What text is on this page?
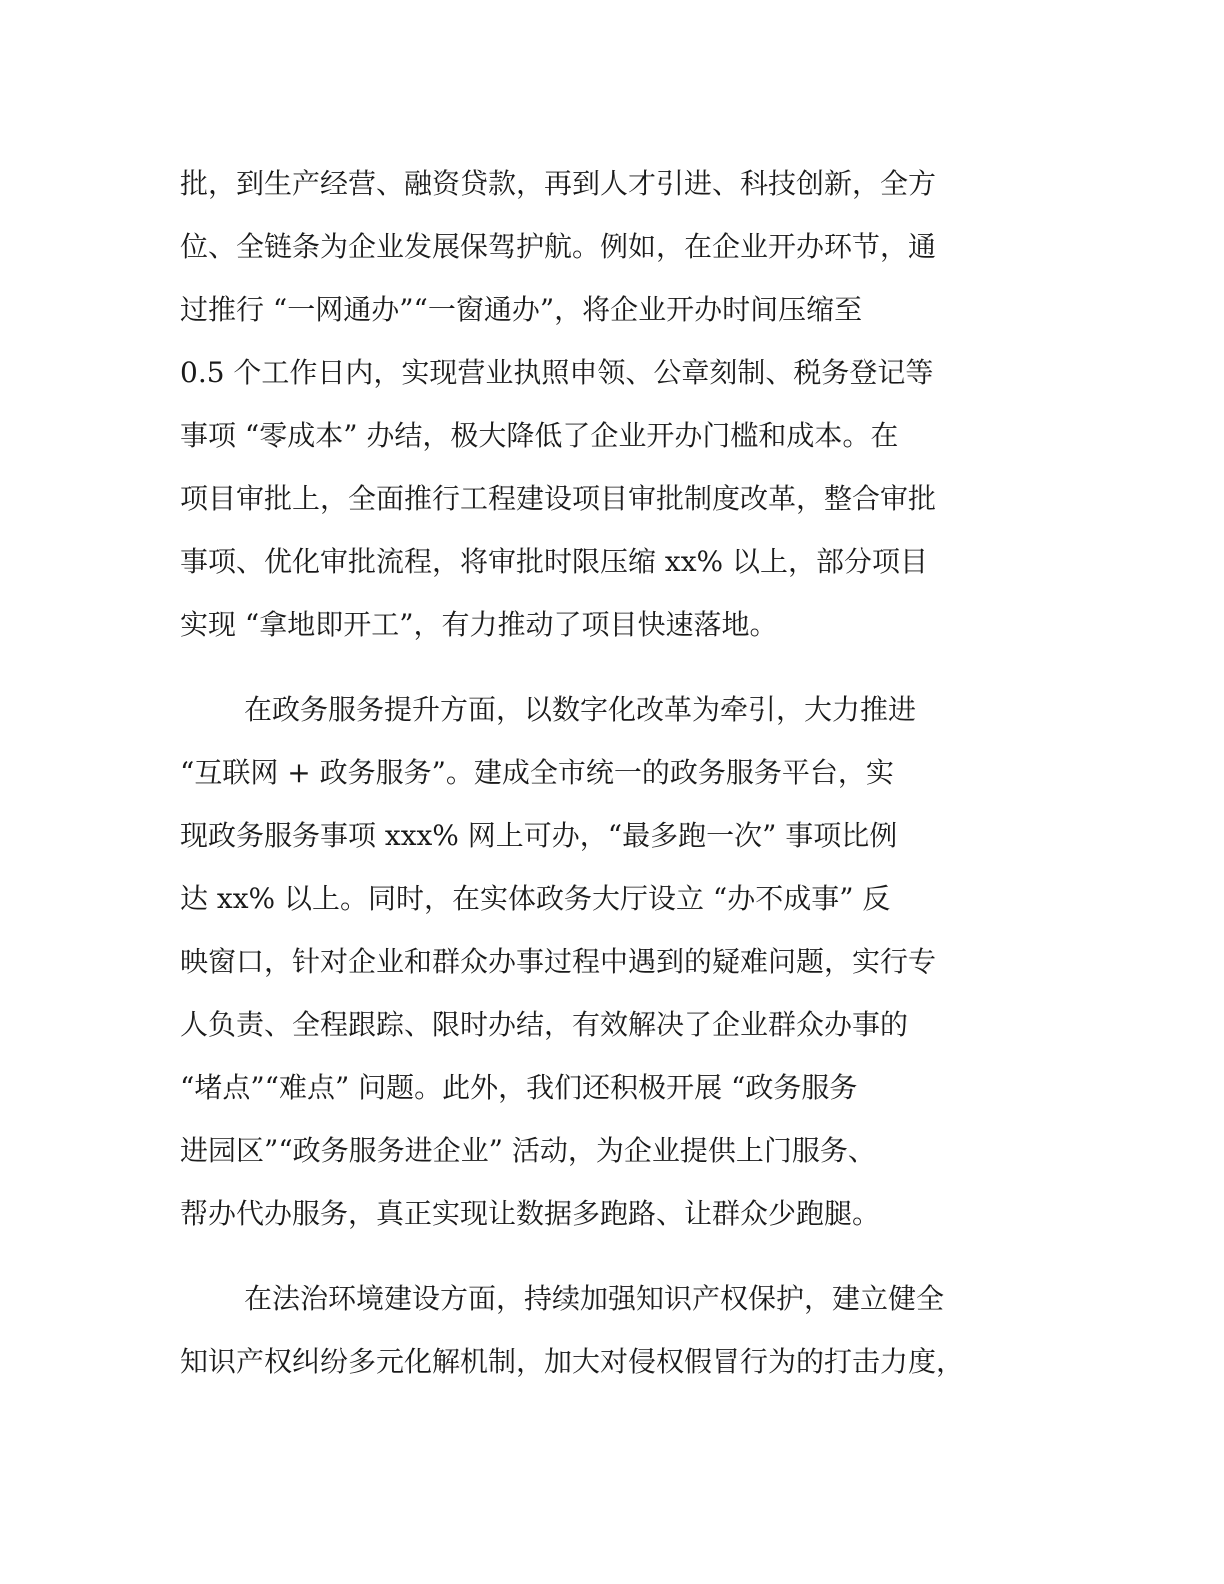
批，到生产经营、融资贷款，再到人才引进、科技创新，全方
位、全链条为企业发展保驾护航。例如，在企业开办环节，通
过推行 “一网通办”“一窗通办”，将企业开办时间压缩至
0.5 个工作日内，实现营业执照申领、公章刻制、税务登记等
事项 “零成本” 办结，极大降低了企业开办门槛和成本。在
项目审批上，全面推行工程建设项目审批制度改革，整合审批
事项、优化审批流程，将审批时限压缩 xx% 以上，部分项目
实现 “拿地即开工”，有力推动了项目快速落地。
在政务服务提升方面，以数字化改革为牵引，大力推进
“互联网 + 政务服务”。建成全市统一的政务服务平台，实
现政务服务事项 xxx% 网上可办，“最多跑一次” 事项比例
达 xx% 以上。同时，在实体政务大厅设立 “办不成事” 反
映窗口，针对企业和群众办事过程中遇到的疑难问题，实行专
人负责、全程跟踪、限时办结，有效解决了企业群众办事的
“堵点”“难点” 问题。此外，我们还积极开展 “政务服务
进园区”“政务服务进企业” 活动，为企业提供上门服务、
帮办代办服务，真正实现让数据多跑路、让群众少跑腿。
在法治环境建设方面，持续加强知识产权保护，建立健全
知识产权纠纷多元化解机制，加大对侵权假冒行为的打击力度，
